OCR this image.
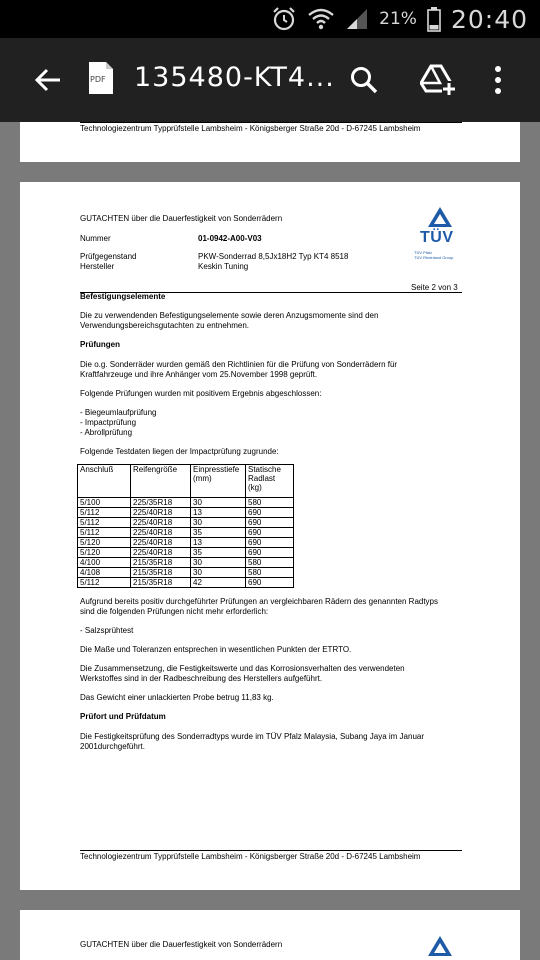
21% 20:40
PDF 135480-KT4...
Technologiezentrum Typprüfstelle Lambsheim - Königsberger Straße 20d - D-67245 Lambsheim
GUTACHTEN über die Dauerfestigkeit von Sonderrädern
Nummer	01-0942-A00-V03
Prüfgegenstand	PKW-Sonderrad 8,5Jx18H2 Typ KT4 8518
Hersteller	Keskin Tuning
TÜV
TÜV Pfalz
TÜV Rheinland Group
Seite 2 von 3
Befestigungselemente
Die zu verwendenden Befestigungselemente sowie deren Anzugsmomente sind den
Verwendungsbereichsgutachten zu entnehmen.
Prüfungen
Die o.g. Sonderräder wurden gemäß den Richtlinien für die Prüfung von Sonderrädern für
Kraftfahrzeuge und ihre Anhänger vom 25.November 1998 geprüft.
Folgende Prüfungen wurden mit positivem Ergebnis abgeschlossen:
- Biegeumlaufprüfung
- Impactprüfung
- Abrollprüfung
Folgende Testdaten liegen der Impactprüfung zugrunde:
Anschluß	Reifengröße	Einpresstiefe (mm)	Statische Radlast (kg)
5/100	225/35R18	30	580
5/112	225/40R18	13	690
5/112	225/40R18	30	690
5/112	225/40R18	35	690
5/120	225/40R18	13	690
5/120	225/40R18	35	690
4/100	215/35R18	30	580
4/108	215/35R18	30	580
5/112	215/35R18	42	690
Aufgrund bereits positiv durchgeführter Prüfungen an vergleichbaren Rädern des genannten Radtyps
sind die folgenden Prüfungen nicht mehr erforderlich:
- Salzsprühtest
Die Maße und Toleranzen entsprechen in wesentlichen Punkten der ETRTO.
Die Zusammensetzung, die Festigkeitswerte und das Korrosionsverhalten des verwendeten
Werkstoffes sind in der Radbeschreibung des Herstellers aufgeführt.
Das Gewicht einer unlackierten Probe betrug 11,83 kg.
Prüfort und Prüfdatum
Die Festigkeitsprüfung des Sonderradtyps wurde im TÜV Pfalz Malaysia, Subang Jaya im Januar
2001durchgeführt.
Technologiezentrum Typprüfstelle Lambsheim - Königsberger Straße 20d - D-67245 Lambsheim
GUTACHTEN über die Dauerfestigkeit von Sonderrädern
